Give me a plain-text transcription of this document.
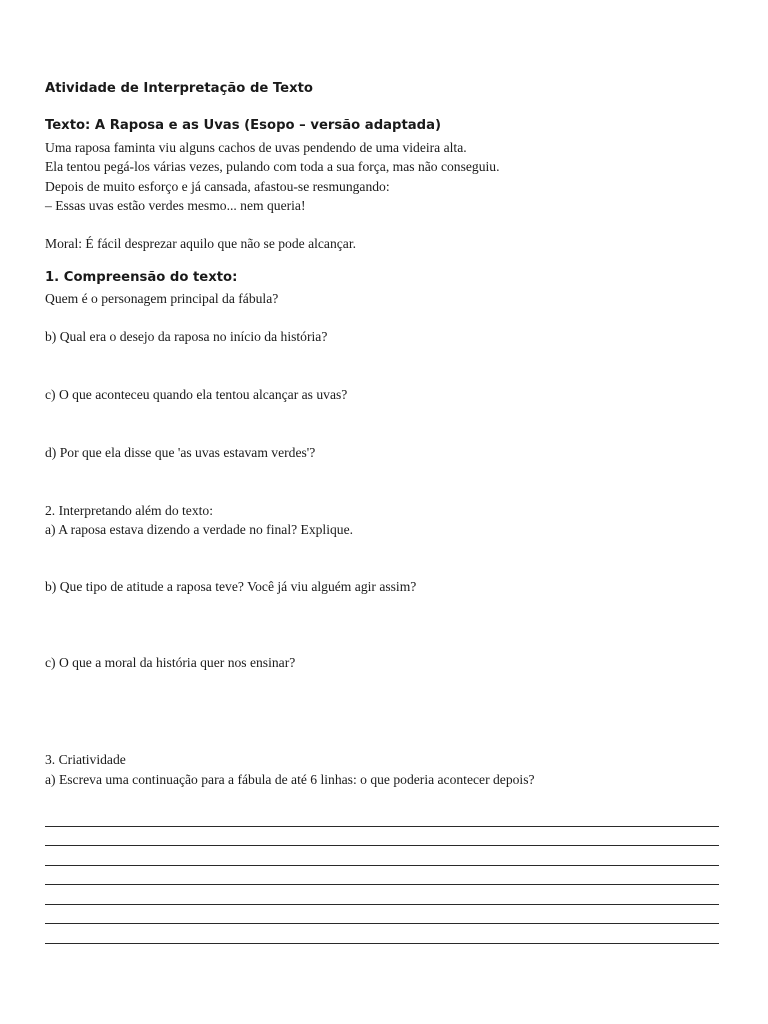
Atividade de Interpretação de Texto
Texto: A Raposa e as Uvas (Esopo – versão adaptada)
Uma raposa faminta viu alguns cachos de uvas pendendo de uma videira alta.
Ela tentou pegá-los várias vezes, pulando com toda a sua força, mas não conseguiu.
Depois de muito esforço e já cansada, afastou-se resmungando:
– Essas uvas estão verdes mesmo... nem queria!
Moral: É fácil desprezar aquilo que não se pode alcançar.
1. Compreensão do texto:
Quem é o personagem principal da fábula?
b) Qual era o desejo da raposa no início da história?
c) O que aconteceu quando ela tentou alcançar as uvas?
d) Por que ela disse que 'as uvas estavam verdes'?
2. Interpretando além do texto:
a) A raposa estava dizendo a verdade no final? Explique.
b) Que tipo de atitude a raposa teve? Você já viu alguém agir assim?
c) O que a moral da história quer nos ensinar?
3. Criatividade
a) Escreva uma continuação para a fábula de até 6 linhas: o que poderia acontecer depois?
